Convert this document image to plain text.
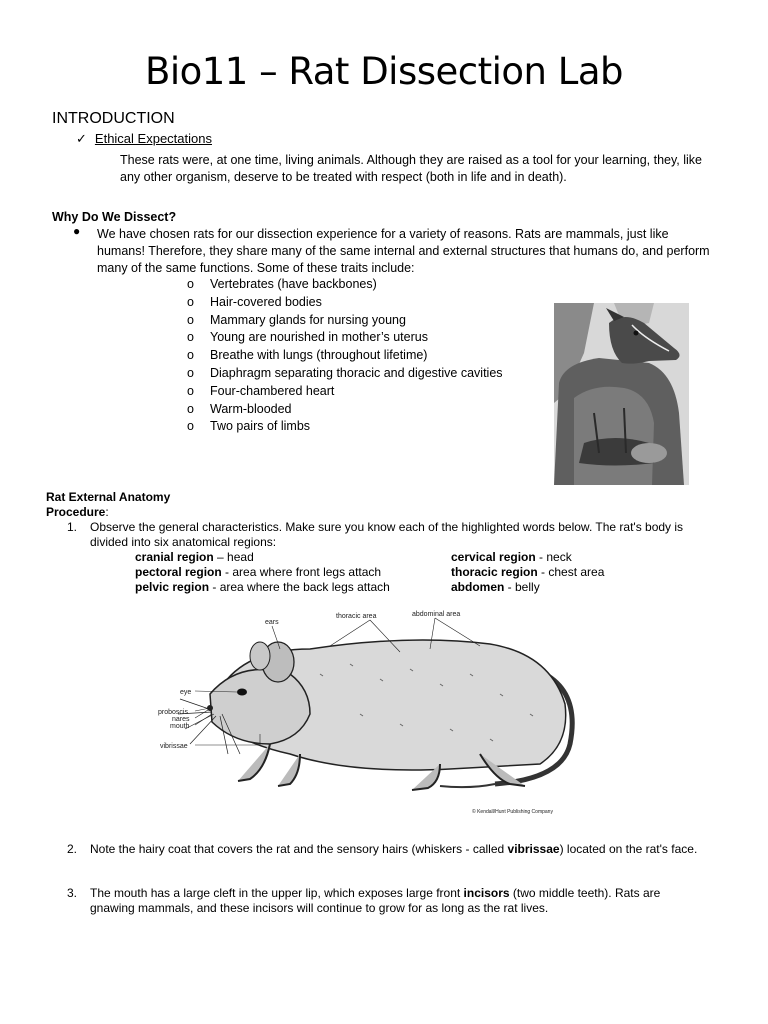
Bio11 – Rat Dissection Lab
INTRODUCTION
✓ Ethical Expectations
These rats were, at one time, living animals. Although they are raised as a tool for your learning, they, like any other organism, deserve to be treated with respect (both in life and in death).
Why Do We Dissect?
● We have chosen rats for our dissection experience for a variety of reasons. Rats are mammals, just like humans! Therefore, they share many of the same internal and external structures that humans do, and perform many of the same functions. Some of these traits include:
o Vertebrates (have backbones)
o Hair-covered bodies
o Mammary glands for nursing young
o Young are nourished in mother’s uterus
o Breathe with lungs (throughout lifetime)
o Diaphragm separating thoracic and digestive cavities
o Four-chambered heart
o Warm-blooded
o Two pairs of limbs
Rat External Anatomy
Procedure:
1. Observe the general characteristics. Make sure you know each of the highlighted words below. The rat's body is divided into six anatomical regions:
cranial region – head	cervical region - neck
pectoral region - area where front legs attach	thoracic region - chest area
pelvic region - area where the back legs attach	abdomen - belly
ears
thoracic area	abdominal area
eye
proboscis
nares
mouth
vibrissae
© Kendall/Hunt Publishing Company
2. Note the hairy coat that covers the rat and the sensory hairs (whiskers - called vibrissae) located on the rat's face.
3. The mouth has a large cleft in the upper lip, which exposes large front incisors (two middle teeth). Rats are gnawing mammals, and these incisors will continue to grow for as long as the rat lives.
